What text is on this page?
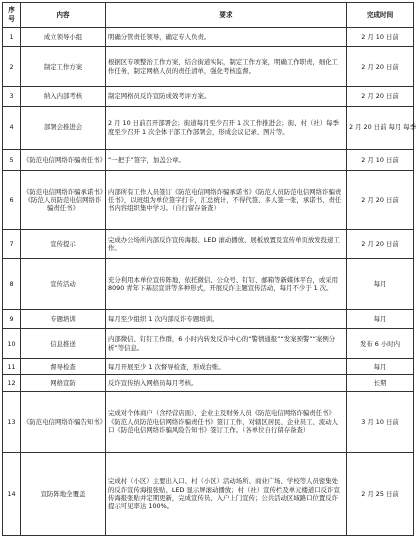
序号	内容	要求	完成时间
1	成立领导小组	明确分管责任领导，确定专人负责。	2 月 10 日前
2	制定工作方案	根据区专项整治工作方案，结合街道实际，制定工作方案，明确工作职责，细化工作任务，制定网格人员的责任清单，强化考核监督。	2 月 20 日前
3	纳入内部考核	制定网格员反诈宣防成效考评方案。	2 月 20 日前
4	部署会推进会	2 月 10 日前召开部署会；街道每月至少召开 1 次工作推进会；街、村（社）每季度至少召开 1 次全体干部工作部署会，形成会议记录、图片等。	2 月 20 日前 每月 每季
5	《防范电信网络诈骗责任书》	“一把手”签字，加盖公章。	2 月 10 日前
6	《防范电信网络诈骗承诺书》《防范人员防范电信网络诈骗责任书》	内部所有工作人员签订《防范电信网络诈骗承诺书》《防范人员防范电信网络诈骗责任书》，以班组为单位签字打卡，汇总统计，不得代签、多人签一张，承诺书、责任书内容组织集中学习。（自行留存备查）	2 月 20 日前
7	宣传提示	完成办公场所内部反诈宣传海报、LED 滚动播放、展板放置及宣传单页放发投递工作。	2 月 20 日前
8	宣传活动	充分利用本单位宣传阵地，依托微信、公众号、钉钉、邮箱等新媒体平台，或采用 8090 青年下基层宣讲等多种形式，开展反诈主题宣传活动，每月不少于 1 次。	每月
9	专题培训	每月至少组织 1 次内部反诈专题培训。	每月
10	信息推送	内部微信、钉钉工作群，6 小时内转发反诈中心的“警情通报”“发案预警”“案例分析”等信息。	发布 6 小时内
11	督导检查	每月开展至少 1 次督导检查，形成台账。	每月
12	网格宣防	反诈宣传纳入网格员每月考核。	长期
13	《防范电信网络诈骗告知书》	完成对个体商户（含经营店面）、企业主及财务人员《防范电信网络诈骗责任书》《防范人员防范电信网络诈骗责任书》签订工作，对辖区居民、企业员工、流动人口《防范电信网络诈骗风险告知书》签订工作。（各单位自行留存备查）	3 月 10 日前
14	宣防阵地全覆盖	完成村（小区）主要出入口、村（小区）活动场所、商业广场、学校等人员密集处的反诈宣传海报张贴、LED 显示屏滚动播放；村（社）宣传栏及单元楼道口反诈宣传海报张贴并定期更新，完成宣传员、入户上门宣传；公共活动区域路口位置反诈提示可见率达 100%。	2 月 25 日前
